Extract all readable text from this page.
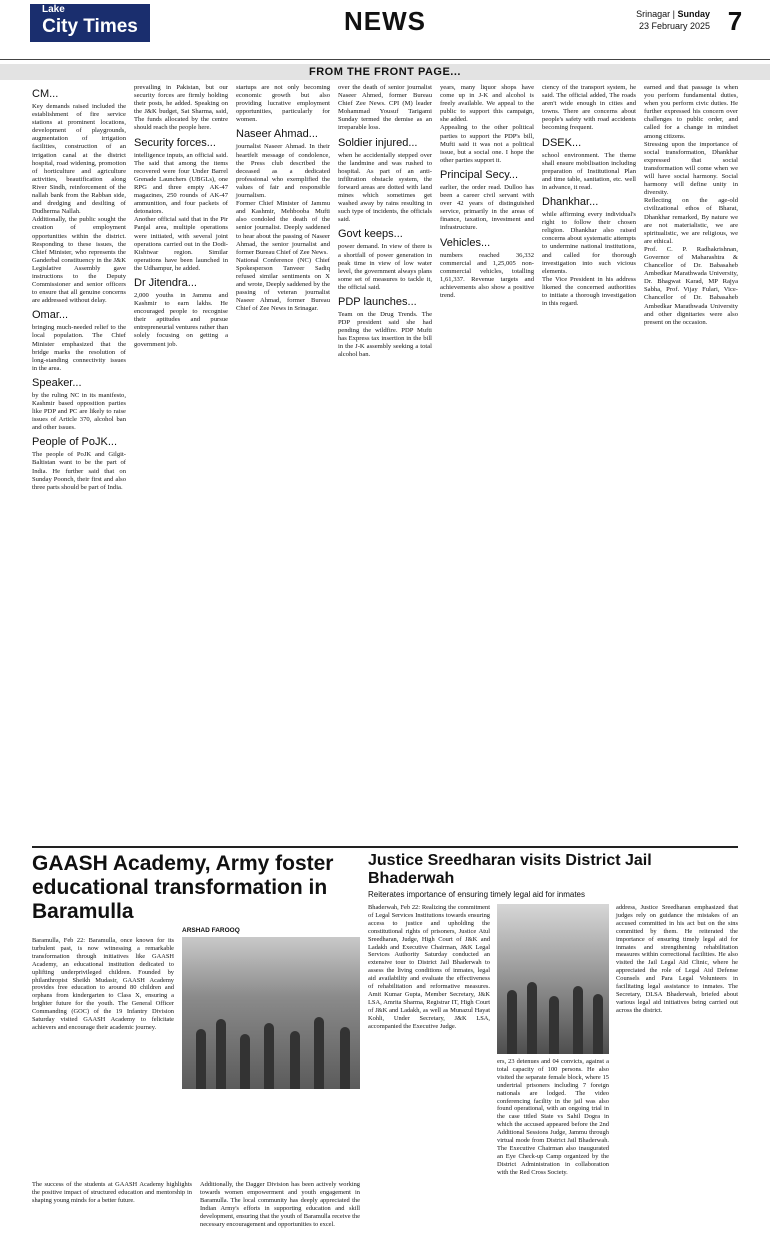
Lake
City Times	NEWS	Srinagar | Sunday
23 February 2025 7
FROM THE FRONT PAGE...
CM...

Key demands raised included the establishment of fire service stations at prominent locations, development of playgrounds, augmentation of irrigation facilities, construction of an irrigation canal at the district hospital, road widening, promotion of horticulture and agriculture activities, beautification along River Sindh, reinforcement of the nallah bank from the Rabban side, and dredging and desilting of Dudherma Nallah.

Additionally, the public sought the creation of employment opportunities within the district. Responding to these issues, the Chief Minister, who represents the Ganderbal constituency in the J&K Legislative Assembly gave instructions to the Deputy Commissioner and senior officers to ensure that all genuine concerns are addressed without delay.

Omar...

bringing much-needed relief to the local population. The Chief Minister emphasized that the bridge marks the resolution of long-standing connectivity issues in the area.

Speaker...

by the ruling NC in its manifesto, Kashmir based opposition parties like PDP and PC are likely to raise issues of Article 370, alcohol ban and other issues.

People of PoJK...

The people of PoJK and Gilgit-Baltistan want to be the part of India. He further said that on Sunday Poonch, their first and also three parts should be part of India.

prevailing in Pakistan, but our security forces are firmly holding their posts, he added. Speaking on the J&K budget, Sat Sharma, said, The funds allocated by the centre should reach the people here.

Security forces...

intelligence inputs, an official said. The said that among the items recovered were four Under Barrel Grenade Launchers (UBGLs), one RPG and three empty AK-47 magazines, 250 rounds of AK-47 ammunition, and four packets of detonators.

Another official said that in the Pir Panjal area, multiple operations were initiated, with several joint operations carried out in the Dodi-Kishtwar region. Similar operations have been launched in the Udhampur, he added.

Dr Jitendra...

2,000 youths in Jammu and Kashmir to earn lakhs. He encouraged people to recognise their aptitudes and pursue entrepreneurial ventures rather than solely focusing on getting a government job.

startups are not only becoming economic growth but also providing lucrative employment opportunities, particularly for women.

Naseer Ahmad...

journalist Naseer Ahmad. In their heartfelt message of condolence, the Press club described the deceased as a dedicated professional who exemplified the values of fair and responsible journalism.

Former Chief Minister of Jammu and Kashmir, Mehbooba Mufti also condoled the death of the senior journalist. Deeply saddened to hear about the passing of Naseer Ahmad, the senior journalist and former Bureau Chief of Zee News.

National Conference (NC) Chief Spokesperson Tanveer Sadiq refused similar sentiments on X and wrote, Deeply saddened by the passing of veteran journalist Naseer Ahmad, former Bureau Chief of Zee News in Srinagar.

over the death of senior journalist Naseer Ahmed, former Bureau Chief Zee News. CPI (M) leader Mohammad Yousuf Tarigami Sunday termed the demise as an irreparable loss.

Soldier injured...

when he accidentally stepped over the landmine and was rushed to hospital. As part of an anti-infiltration obstacle system, the forward areas are dotted with land mines which sometimes get washed away by rains resulting in such type of incidents, the officials said.

Govt keeps...

power demand. In view of there is a shortfall of power generation in peak time in view of low water level, the government always plans some set of measures to tackle it, the official said.

PDP launches...

Team on the Drug Trends. The PDP president said she had pending the wildfire. PDP Mufti has Express tax insertion in the bill in the J-K assembly seeking a total alcohol ban.

years, many liquor shops have come up in J-K and alcohol is freely available. We appeal to the public to support this campaign, she added.

Appealing to the other political parties to support the PDP's bill, Mufti said it was not a political issue, but a social one. I hope the other parties support it.

Principal Secy...

earlier, the order read. Dulloo has been a career civil servant with over 42 years of distinguished service, primarily in the areas of finance, taxation, investment and infrastructure.

Vehicles...

numbers reached 36,332 commercial and 1,25,005 non-commercial vehicles, totalling 1,61,337. Revenue targets and achievements also show a positive trend.

ciency of the transport system, he said. The official added, The roads aren't wide enough in cities and towns. There are concerns about people's safety with road accidents becoming frequent.

DSEK...

school environment. The theme shall ensure mobilisation including preparation of Institutional Plan and time table, sanitation, etc. well in advance, it read.

Dhankhar...

while affirming every individual's right to follow their chosen religion. Dhankhar also raised concerns about systematic attempts to undermine national institutions, and called for thorough investigation into such vicious elements.

The Vice President in his address likened the concerned authorities to initiate a thorough investigation in this regard.

earned and that passage is when you perform fundamental duties, when you perform civic duties. He further expressed his concern over challenges to public order, and called for a change in mindset among citizens.

Stressing upon the importance of social transformation, Dhankhar expressed that social transformation will come when we will have social harmony. Social harmony will define unity in diversity.

Reflecting on the age-old civilizational ethos of Bharat, Dhankhar remarked, By nature we are not materialistic, we are spiritualistic, we are religious, we are ethical.

Prof. C. P. Radhakrishnan, Governor of Maharashtra & Chancellor of Dr. Babasaheb Ambedkar Marathwada University, Dr. Bhagwat Karad, MP Rajya Sabha, Prof. Vijay Fulari, Vice-Chancellor of Dr. Babasaheb Ambedkar Marathwada University and other dignitaries were also present on the occasion.

GAASH Academy, Army foster educational transformation in Baramulla
ARSHAD FAROOQ
Baramulla, Feb 22: Baramulla, once known for its turbulent past, is now witnessing a remarkable transformation through initiatives like GAASH Academy, an educational institution dedicated to uplifting underprivileged children. Founded by philanthropist Sheikh Mudasir, GAASH Academy provides free education to around 80 children and orphans from kindergarten to Class X, ensuring a brighter future for the youth. The General Officer Commanding (GOC) of the 19 Infantry Division Saturday visited GAASH Academy to felicitate achievers and encourage their academic journey.
The success of the students at GAASH Academy highlights the positive impact of structured education and mentorship in shaping young minds for a better future.
Additionally, the Dagger Division has been actively working towards women empowerment and youth engagement in Baramulla. The local community has deeply appreciated the Indian Army's efforts in supporting education and skill development, ensuring that the youth of Baramulla receive the necessary encouragement and opportunities to excel.
Justice Sreedharan visits District Jail Bhaderwah
Reiterates importance of ensuring timely legal aid for inmates
Bhaderwah, Feb 22: Realizing the commitment of Legal Services Institutions towards ensuring access to justice and upholding the constitutional rights of prisoners, Justice Atul Sreedharan, Judge, High Court of J&K and Ladakh and Executive Chairman, J&K Legal Services Authority Saturday conducted an extensive tour to District Jail Bhaderwah to assess the living conditions of inmates, legal aid availability and evaluate the effectiveness of rehabilitation and reformative measures. Amit Kumar Gupta, Member Secretary, J&K LSA, Amrita Sharma, Registrar IT, High Court of J&K and Ladakh, as well as Munazul Hayat Kohli, Under Secretary, J&K LSA, accompanied the Executive Judge.
ers, 23 detenues and 04 convicts, against a total capacity of 100 persons. He also visited the separate female block, where 15 undertrial prisoners including 7 foreign nationals are lodged. The video conferencing facility in the jail was also found operational, with an ongoing trial in the case titled State vs Sahil Dogra in which the accused appeared before the 2nd Additional Sessions Judge, Jammu through virtual mode from District Jail Bhaderwah. The Executive Chairman also inaugurated an Eye Check-up Camp organized by the District Administration in collaboration with the Red Cross Society.
address, Justice Sreedharan emphasized that judges rely on guidance the mistakes of an accused committed in his act but on the sins committed by them. He reiterated the importance of ensuring timely legal aid for inmates and strengthening rehabilitation measures within correctional facilities. He also visited the Jail Legal Aid Clinic, where he appreciated the role of Legal Aid Defense Counsels and Para Legal Volunteers in facilitating legal assistance to inmates. The Secretary, DLSA Bhaderwah, briefed about various legal aid initiatives being carried out across the district.
